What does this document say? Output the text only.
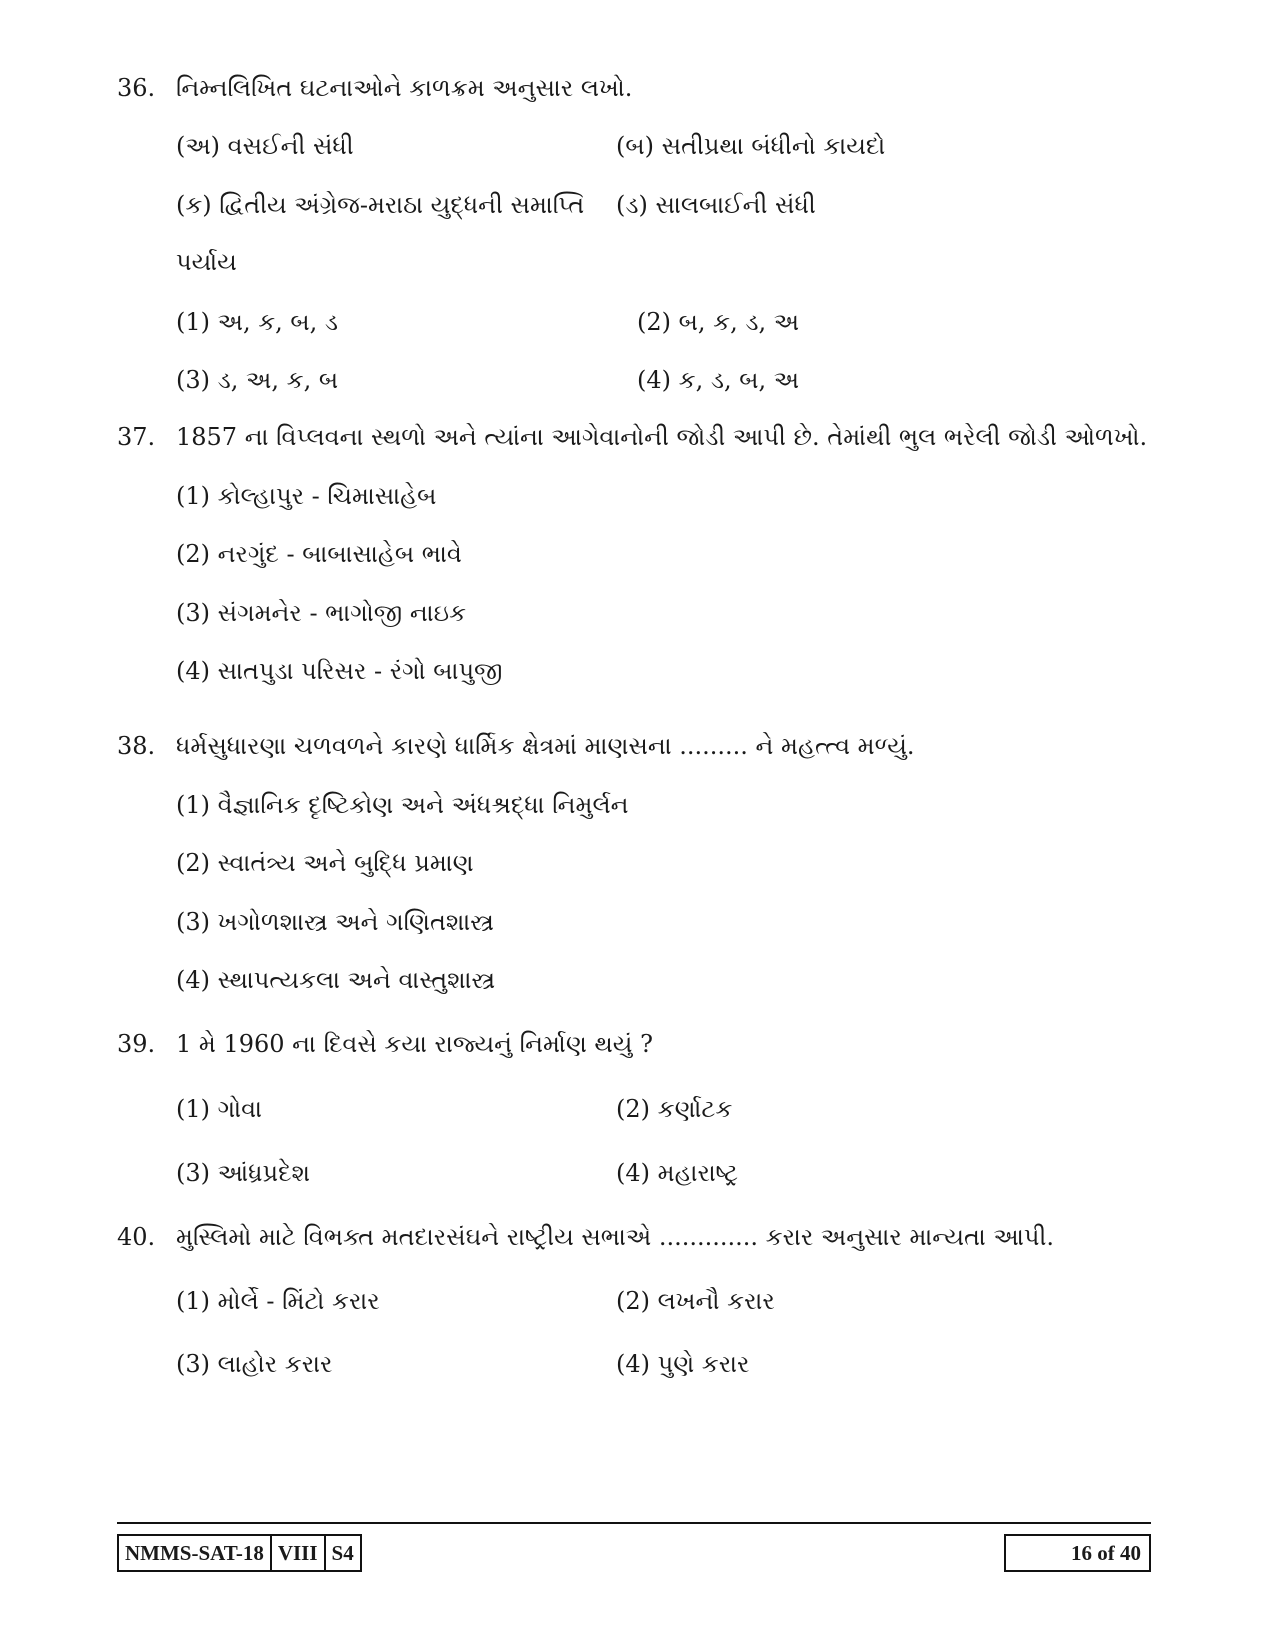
36. નિમ્નલિખિત ઘટનાઓને કાળક્રમ અનુસાર લખો.
(અ) વસઈની સંધી	(બ) સતીપ્રથા બંધીનો કાયદો
(ક) દ્વિતીય અંગ્રેજ-મરાઠા યુદ્ધની સમાપ્તિ (ડ) સાલબાઈની સંધી
પર્યાય
(1) અ, ક, બ, ડ	(2) બ, ક, ડ, અ
(3) ડ, અ, ક, બ	(4) ક, ડ, બ, અ
37. 1857 ના વિપ્લવના સ્થળો અને ત્યાંના આગેવાનોની જોડી આપી છે. તેમાંથી ભુલ ભરેલી જોડી ઓળખો.
(1) કોલ્હાપુર - ચિમાસાહેબ
(2) નરગુંદ - બાબાસાહેબ ભાવે
(3) સંગમનેર - ભાગોજી નાઇક
(4) સાતપુડા પરિસર - રંગો બાપુજી
38. ધર્મસુધારણા ચળવળને કારણે ધાર્મિક ક્ષેત્રમાં માણસના ......... ને મહત્ત્વ મળ્યું.
(1) વૈજ્ઞાનિક દૃષ્ટિકોણ અને અંધશ્રદ્ધા નિમુર્લન
(2) સ્વાતંત્ર્ય અને બુદ્ધિ પ્રમાણ
(3) ખગોળશાસ્ત્ર અને ગણિતશાસ્ત્ર
(4) સ્થાપત્યકલા અને વાસ્તુશાસ્ત્ર
39. 1 મે 1960 ના દિવસે કયા રાજ્યનું નિર્માણ થયું ?
(1) ગોવા	(2) કર્ણાટક
(3) આંધ્રપ્રદેશ	(4) મહારાષ્ટ્ર
40. મુસ્લિમો માટે વિભક્ત મતદારસંઘને રાષ્ટ્રીય સભાએ ............. કરાર અનુસાર માન્યતા આપી.
(1) મોર્લે - મિંટો કરાર	(2) લખનૌ કરાર
(3) લાહોર કરાર	(4) પુણે કરાર
NMMS-SAT-18 VIII S4	16 of 40
